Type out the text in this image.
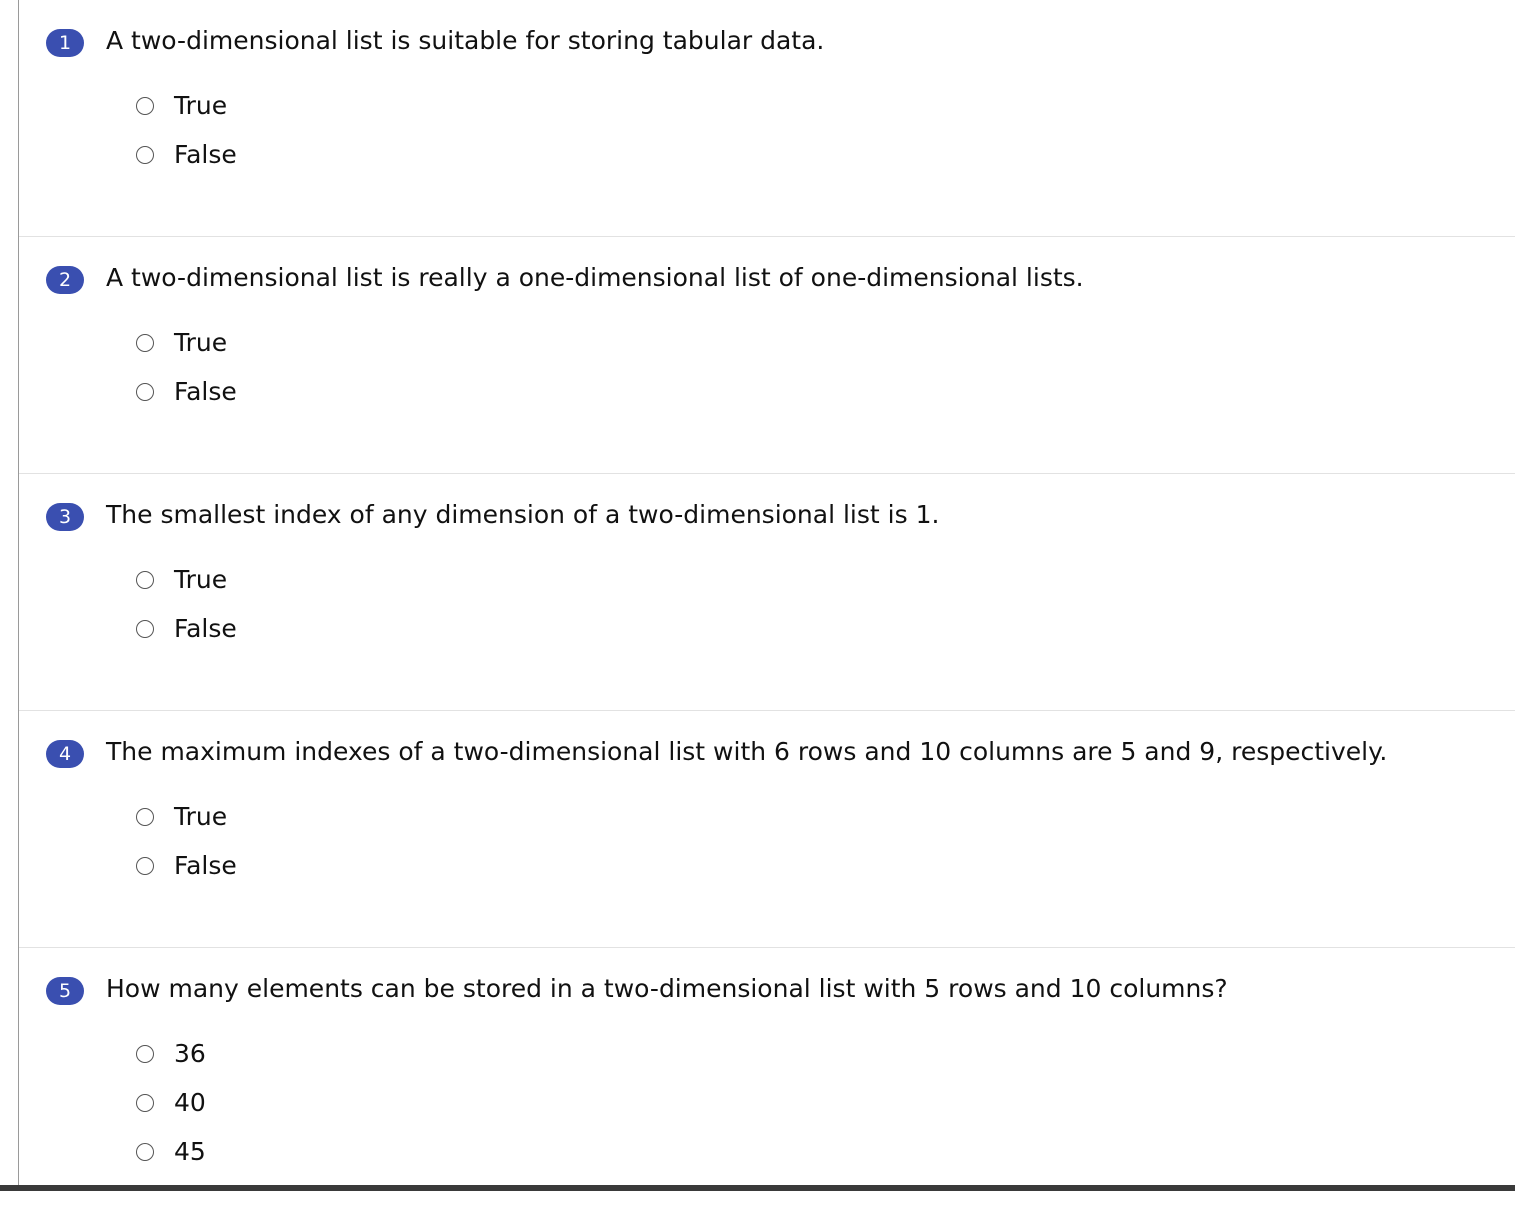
1	A two-dimensional list is suitable for storing tabular data.
True
False
2	A two-dimensional list is really a one-dimensional list of one-dimensional lists.
True
False
3	The smallest index of any dimension of a two-dimensional list is 1.
True
False
4	The maximum indexes of a two-dimensional list with 6 rows and 10 columns are 5 and 9, respectively.
True
False
5	How many elements can be stored in a two-dimensional list with 5 rows and 10 columns?
36
40
45
